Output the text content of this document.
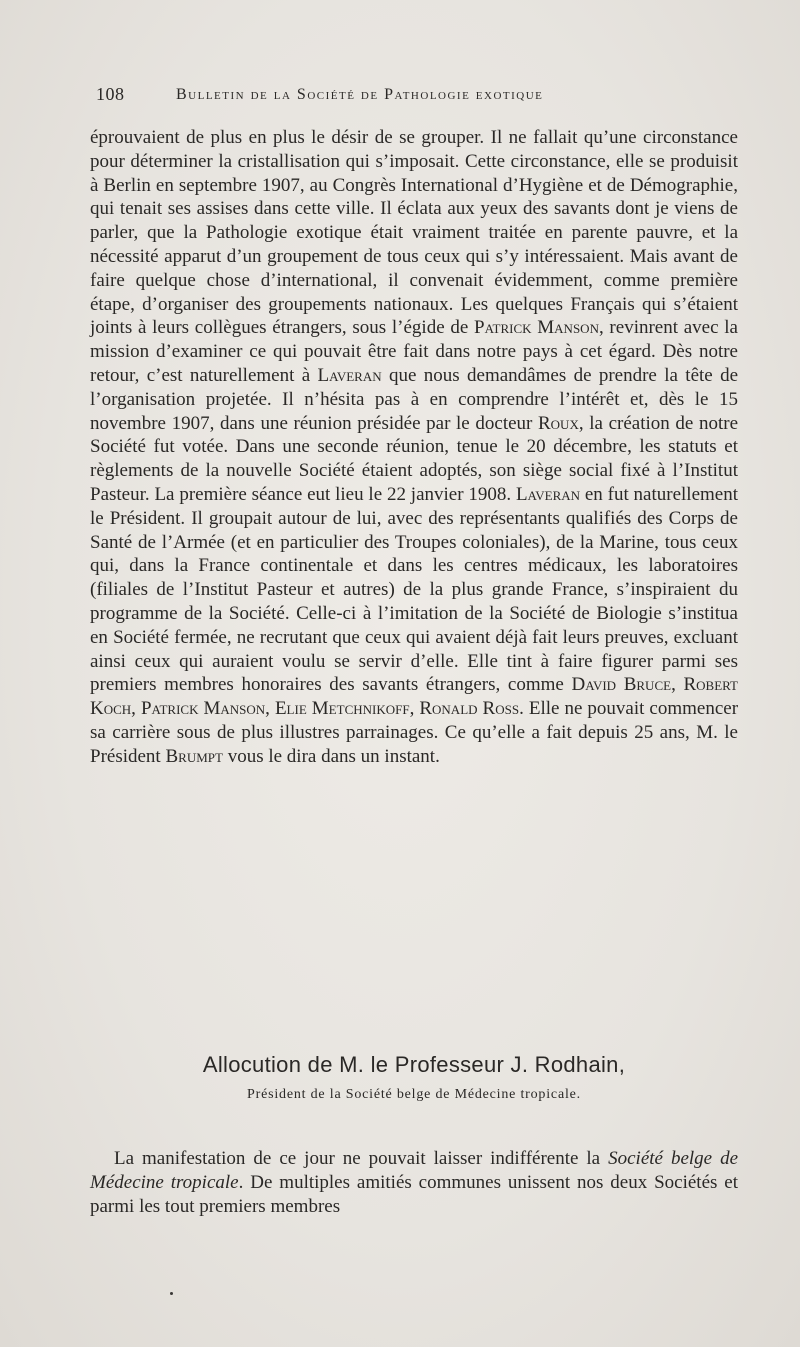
108	Bulletin de la Société de Pathologie exotique

éprouvaient de plus en plus le désir de se grouper. Il ne fallait qu’une circonstance pour déterminer la cristallisation qui s’imposait. Cette circonstance, elle se produisit à Berlin en septembre 1907, au Congrès International d’Hygiène et de Démographie, qui tenait ses assises dans cette ville. Il éclata aux yeux des savants dont je viens de parler, que la Pathologie exotique était vraiment traitée en parente pauvre, et la nécessité apparut d’un groupement de tous ceux qui s’y intéressaient. Mais avant de faire quelque chose d’international, il convenait évidemment, comme première étape, d’organiser des groupements nationaux. Les quelques Français qui s’étaient joints à leurs collègues étrangers, sous l’égide de Patrick Manson, revinrent avec la mission d’examiner ce qui pouvait être fait dans notre pays à cet égard. Dès notre retour, c’est naturellement à Laveran que nous demandâmes de prendre la tête de l’organisation projetée. Il n’hésita pas à en comprendre l’intérêt et, dès le 15 novembre 1907, dans une réunion présidée par le docteur Roux, la création de notre Société fut votée. Dans une seconde réunion, tenue le 20 décembre, les statuts et règlements de la nouvelle Société étaient adoptés, son siège social fixé à l’Institut Pasteur. La première séance eut lieu le 22 janvier 1908. Laveran en fut naturellement le Président. Il groupait autour de lui, avec des représentants qualifiés des Corps de Santé de l’Armée (et en particulier des Troupes coloniales), de la Marine, tous ceux qui, dans la France continentale et dans les centres médicaux, les laboratoires (filiales de l’Institut Pasteur et autres) de la plus grande France, s’inspiraient du programme de la Société. Celle-ci à l’imitation de la Société de Biologie s’institua en Société fermée, ne recrutant que ceux qui avaient déjà fait leurs preuves, excluant ainsi ceux qui auraient voulu se servir d’elle. Elle tint à faire figurer parmi ses premiers membres honoraires des savants étrangers, comme David Bruce, Robert Koch, Patrick Manson, Elie Metchnikoff, Ronald Ross. Elle ne pouvait commencer sa carrière sous de plus illustres parrainages. Ce qu’elle a fait depuis 25 ans, M. le Président Brumpt vous le dira dans un instant.

Allocution de M. le Professeur J. Rodhain,
Président de la Société belge de Médecine tropicale.

La manifestation de ce jour ne pouvait laisser indifférente la Société belge de Médecine tropicale. De multiples amitiés communes unissent nos deux Sociétés et parmi les tout premiers membres
